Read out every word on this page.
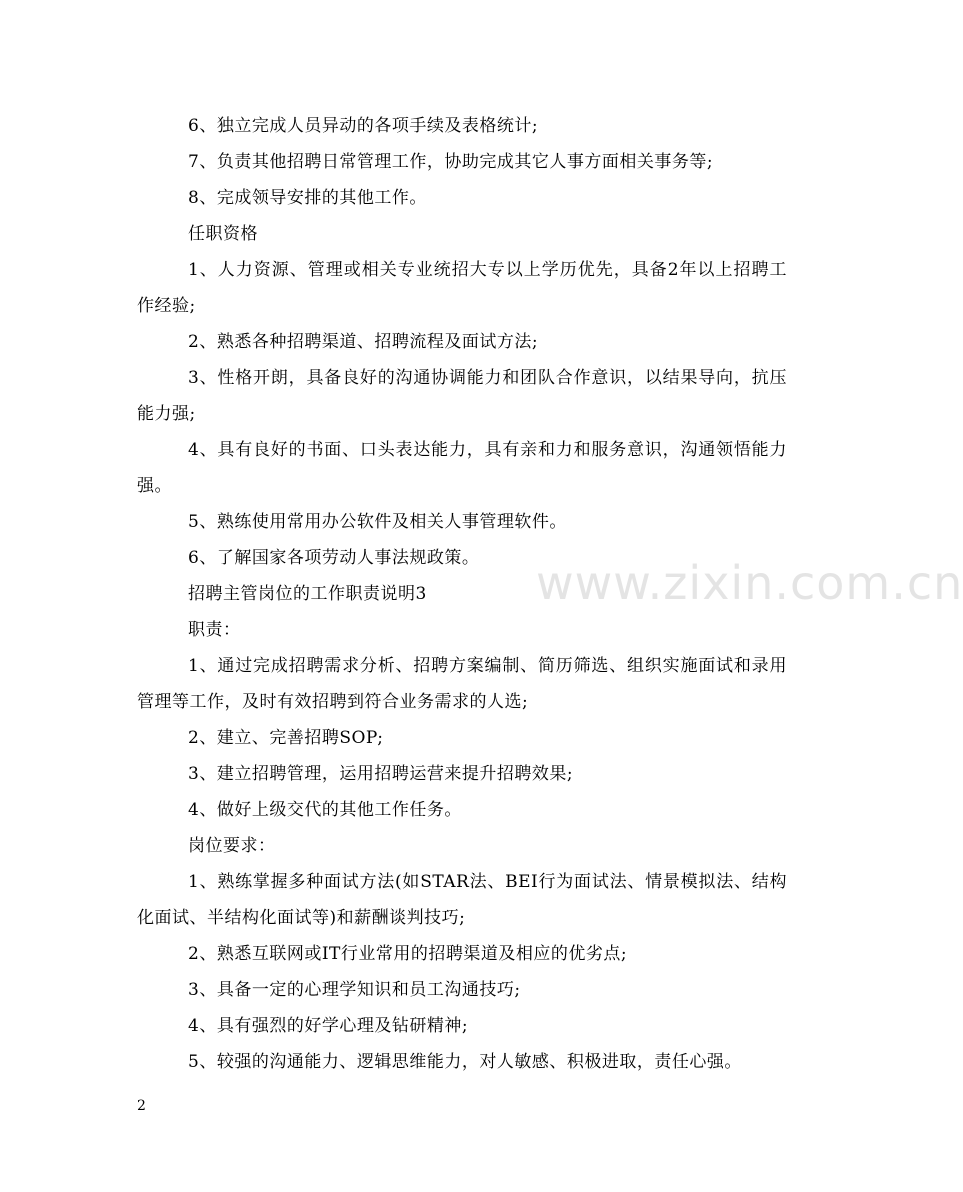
6、独立完成人员异动的各项手续及表格统计;

7、负责其他招聘日常管理工作，协助完成其它人事方面相关事务等;

8、完成领导安排的其他工作。

任职资格

1、人力资源、管理或相关专业统招大专以上学历优先，具备2年以上招聘工作经验;

2、熟悉各种招聘渠道、招聘流程及面试方法;

3、性格开朗，具备良好的沟通协调能力和团队合作意识，以结果导向，抗压能力强;

4、具有良好的书面、口头表达能力，具有亲和力和服务意识，沟通领悟能力强。

5、熟练使用常用办公软件及相关人事管理软件。

6、了解国家各项劳动人事法规政策。

招聘主管岗位的工作职责说明3

职责：

1、通过完成招聘需求分析、招聘方案编制、简历筛选、组织实施面试和录用管理等工作，及时有效招聘到符合业务需求的人选;

2、建立、完善招聘SOP;

3、建立招聘管理，运用招聘运营来提升招聘效果;

4、做好上级交代的其他工作任务。

岗位要求：

1、熟练掌握多种面试方法(如STAR法、BEI行为面试法、情景模拟法、结构化面试、半结构化面试等)和薪酬谈判技巧;

2、熟悉互联网或IT行业常用的招聘渠道及相应的优劣点;

3、具备一定的心理学知识和员工沟通技巧;

4、具有强烈的好学心理及钻研精神;

5、较强的沟通能力、逻辑思维能力，对人敏感、积极进取，责任心强。

www.zixin.com.cn
2
